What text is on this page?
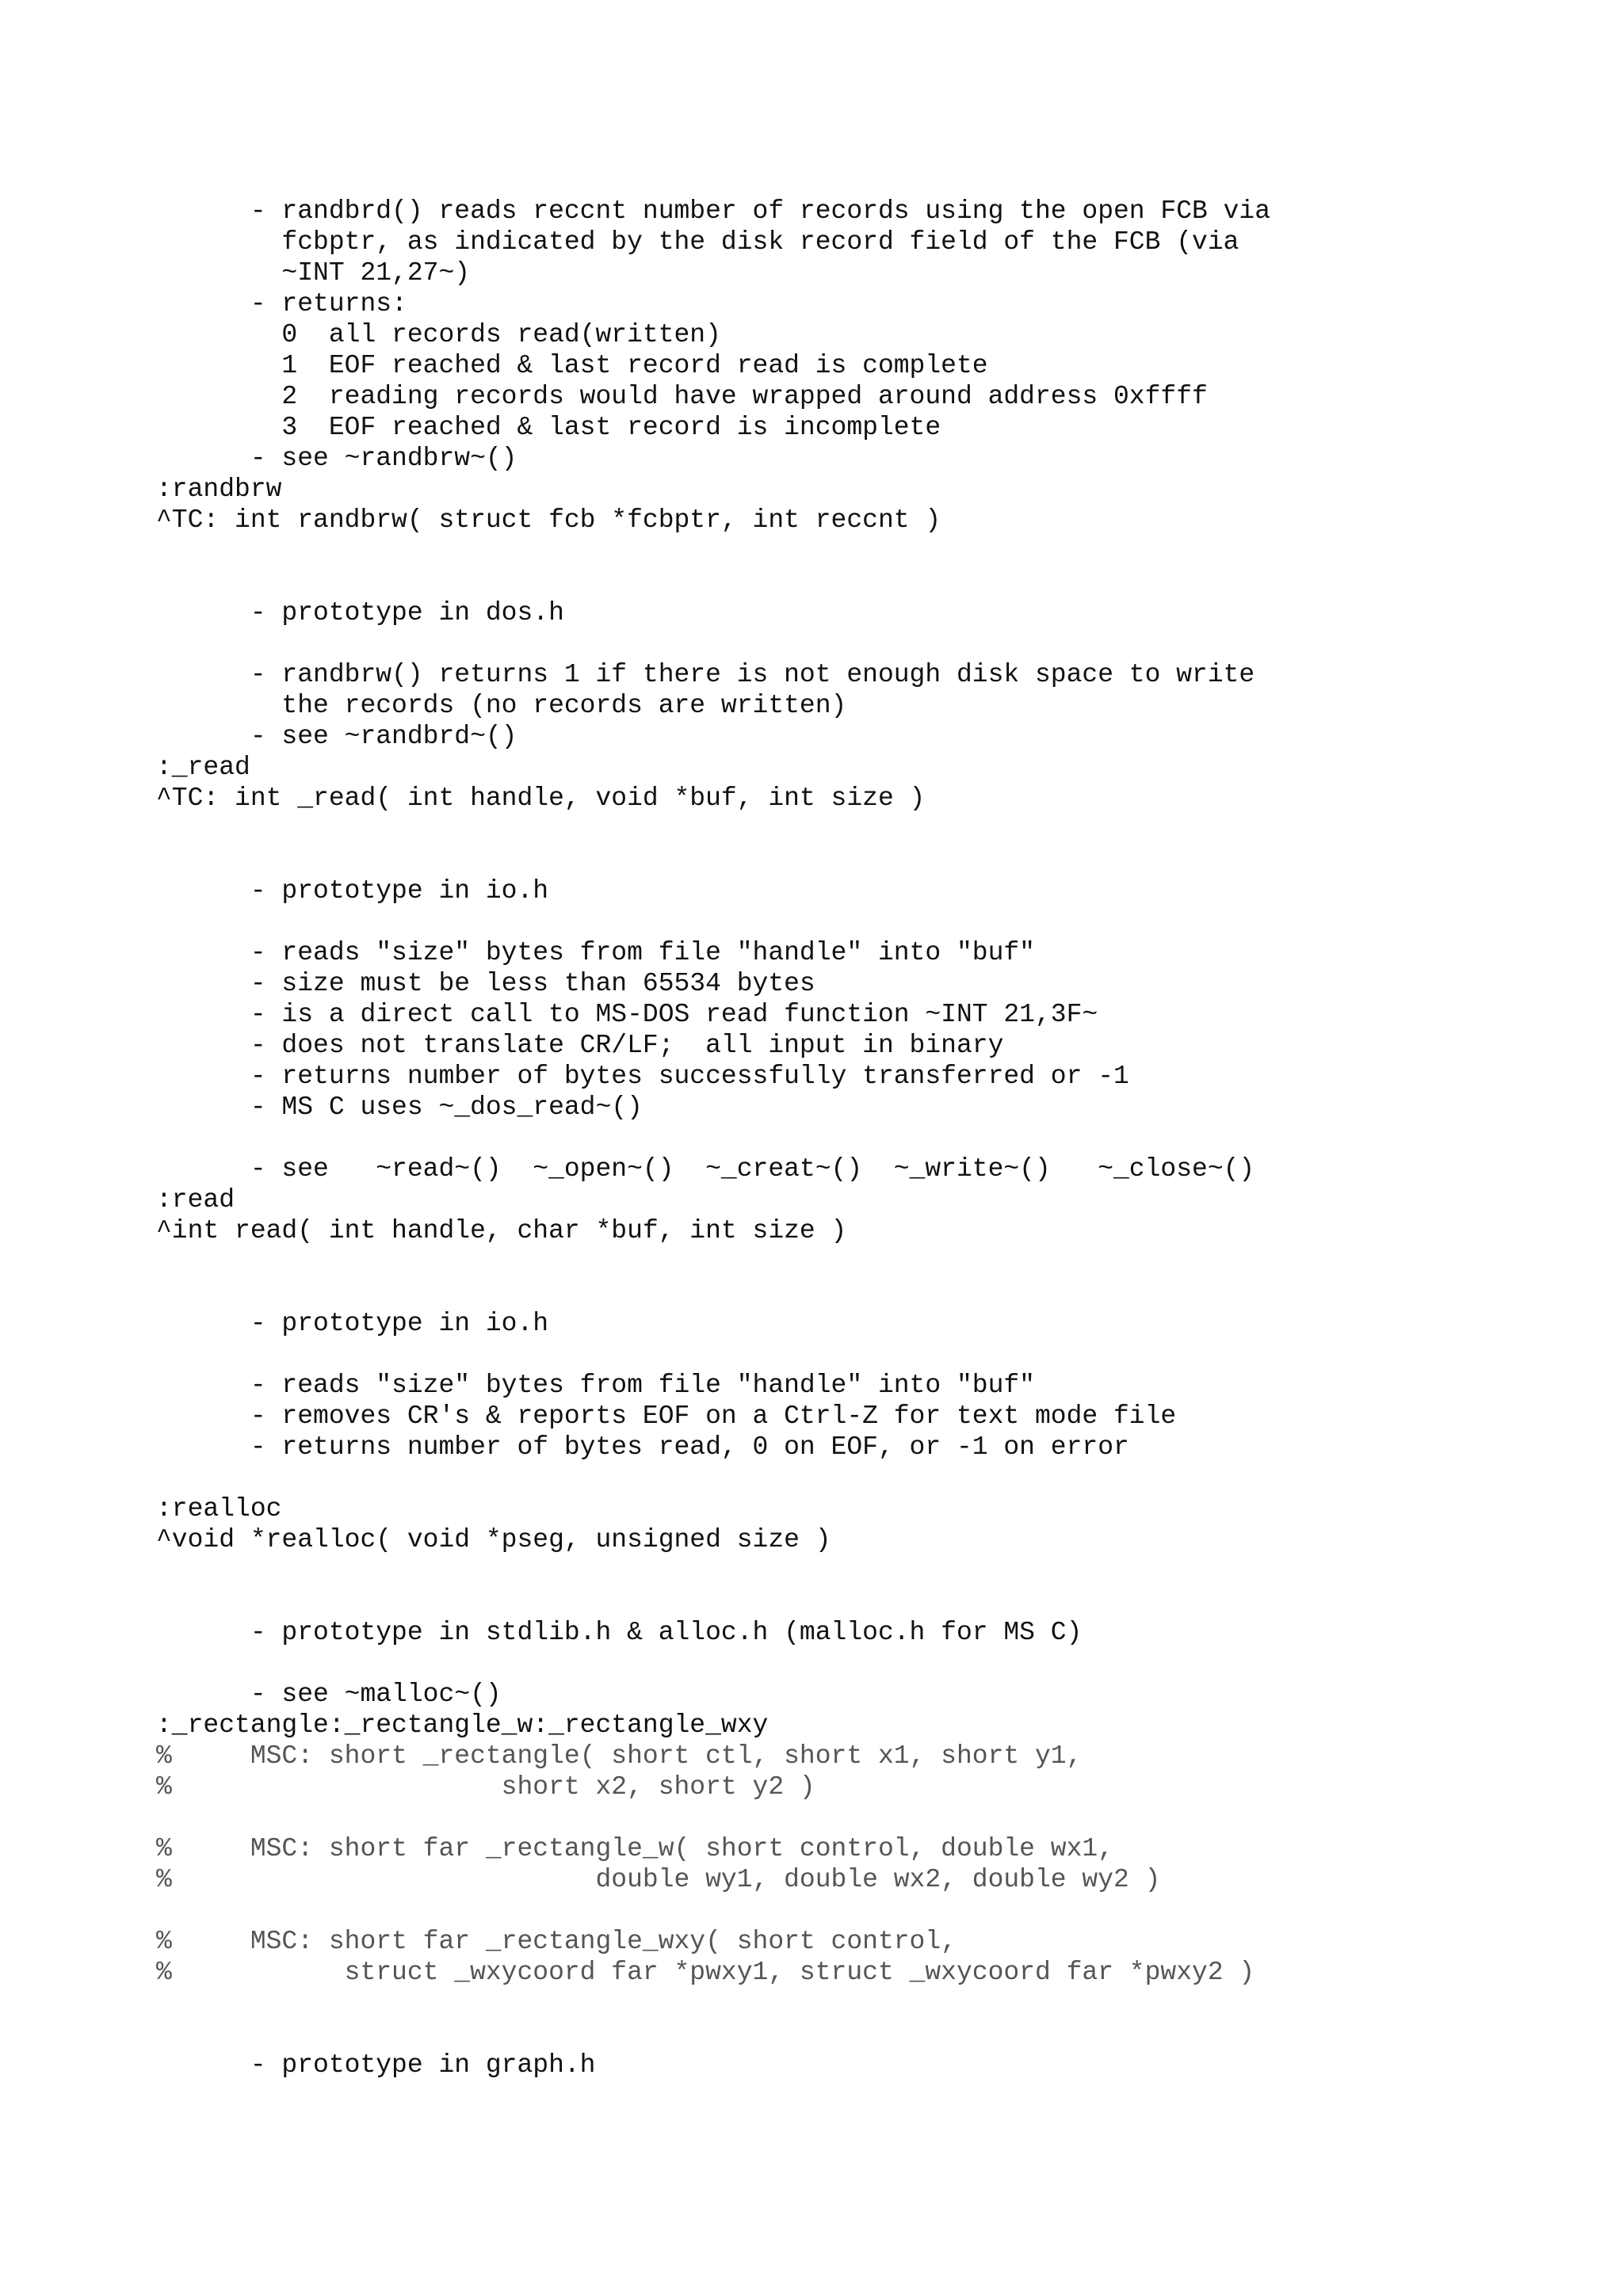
- randbrd() reads reccnt number of records using the open FCB via
fcbptr, as indicated by the disk record field of the FCB (via
~INT 21,27~)
- returns:
0  all records read(written)
1  EOF reached & last record read is complete
2  reading records would have wrapped around address 0xffff
3  EOF reached & last record is incomplete
- see ~randbrw~()
:randbrw
^TC: int randbrw( struct fcb *fcbptr, int reccnt )
- prototype in dos.h
- randbrw() returns 1 if there is not enough disk space to write
the records (no records are written)
- see ~randbrd~()
:_read
^TC: int _read( int handle, void *buf, int size )
- prototype in io.h
- reads "size" bytes from file "handle" into "buf"
- size must be less than 65534 bytes
- is a direct call to MS-DOS read function ~INT 21,3F~
- does not translate CR/LF;  all input in binary
- returns number of bytes successfully transferred or -1
- MS C uses ~_dos_read~()
- see   ~read~()  ~_open~()  ~_creat~()  ~_write~()   ~_close~()
:read
^int read( int handle, char *buf, int size )
- prototype in io.h
- reads "size" bytes from file "handle" into "buf"
- removes CR's & reports EOF on a Ctrl-Z for text mode file
- returns number of bytes read, 0 on EOF, or -1 on error
:realloc
^void *realloc( void *pseg, unsigned size )
- prototype in stdlib.h & alloc.h (malloc.h for MS C)
- see ~malloc~()
:_rectangle:_rectangle_w:_rectangle_wxy
%     MSC: short _rectangle( short ctl, short x1, short y1,
%                     short x2, short y2 )
%     MSC: short far _rectangle_w( short control, double wx1,
%                           double wy1, double wx2, double wy2 )
%     MSC: short far _rectangle_wxy( short control,
%           struct _wxycoord far *pwxy1, struct _wxycoord far *pwxy2 )
- prototype in graph.h
